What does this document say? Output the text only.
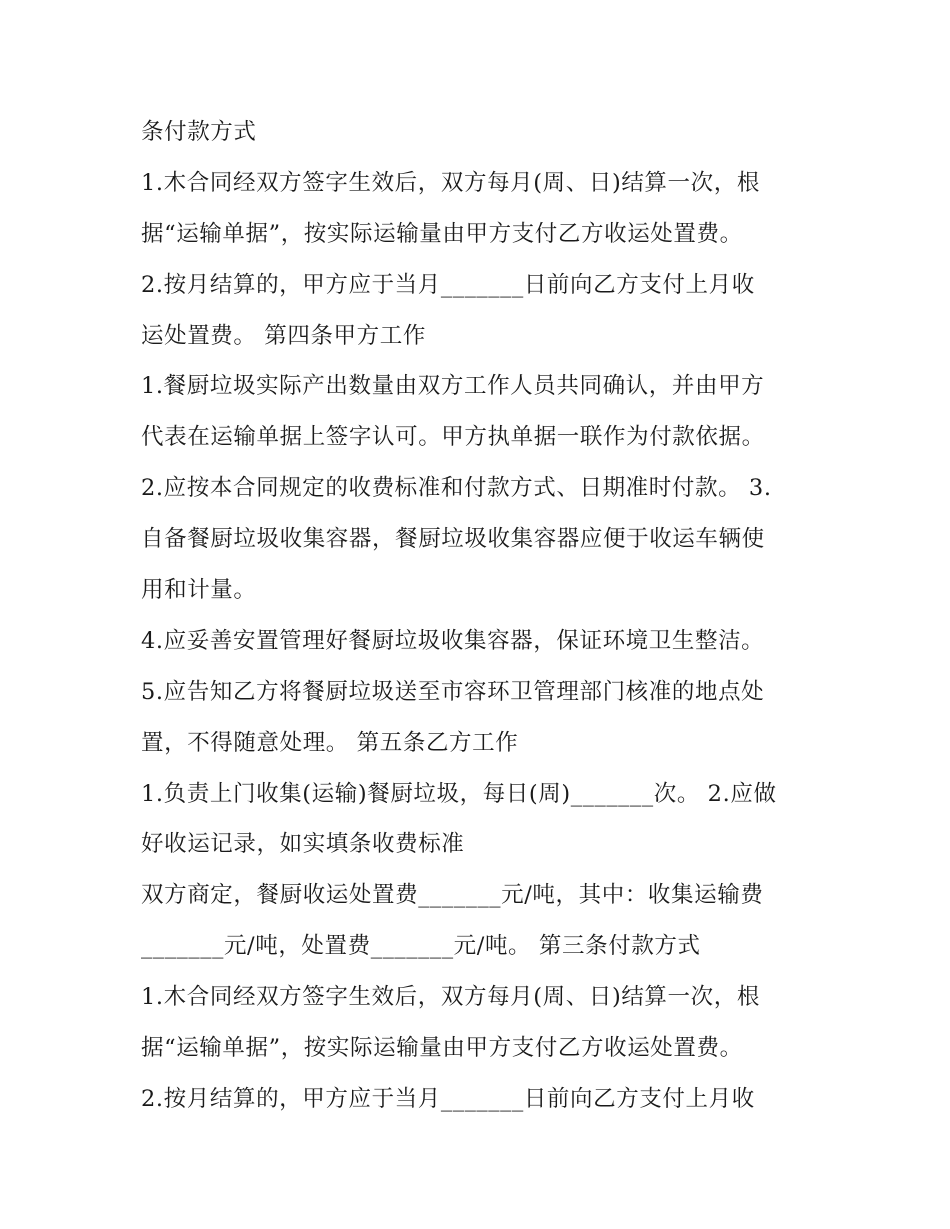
条付款方式
1.木合同经双方签字生效后，双方每月(周、日)结算一次，根
据“运输单据”，按实际运输量由甲方支付乙方收运处置费。
2.按月结算的，甲方应于当月_______日前向乙方支付上月收
运处置费。 第四条甲方工作
1.餐厨垃圾实际产出数量由双方工作人员共同确认，并由甲方
代表在运输单据上签字认可。甲方执单据一联作为付款依据。
2.应按本合同规定的收费标准和付款方式、日期准时付款。 3.
自备餐厨垃圾收集容器，餐厨垃圾收集容器应便于收运车辆使
用和计量。
4.应妥善安置管理好餐厨垃圾收集容器，保证环境卫生整洁。
5.应告知乙方将餐厨垃圾送至市容环卫管理部门核准的地点处
置，不得随意处理。 第五条乙方工作
1.负责上门收集(运输)餐厨垃圾，每日(周)_______次。 2.应做
好收运记录，如实填条收费标准
双方商定，餐厨收运处置费_______元/吨，其中：收集运输费
_______元/吨，处置费_______元/吨。 第三条付款方式
1.木合同经双方签字生效后，双方每月(周、日)结算一次，根
据“运输单据”，按实际运输量由甲方支付乙方收运处置费。
2.按月结算的，甲方应于当月_______日前向乙方支付上月收
